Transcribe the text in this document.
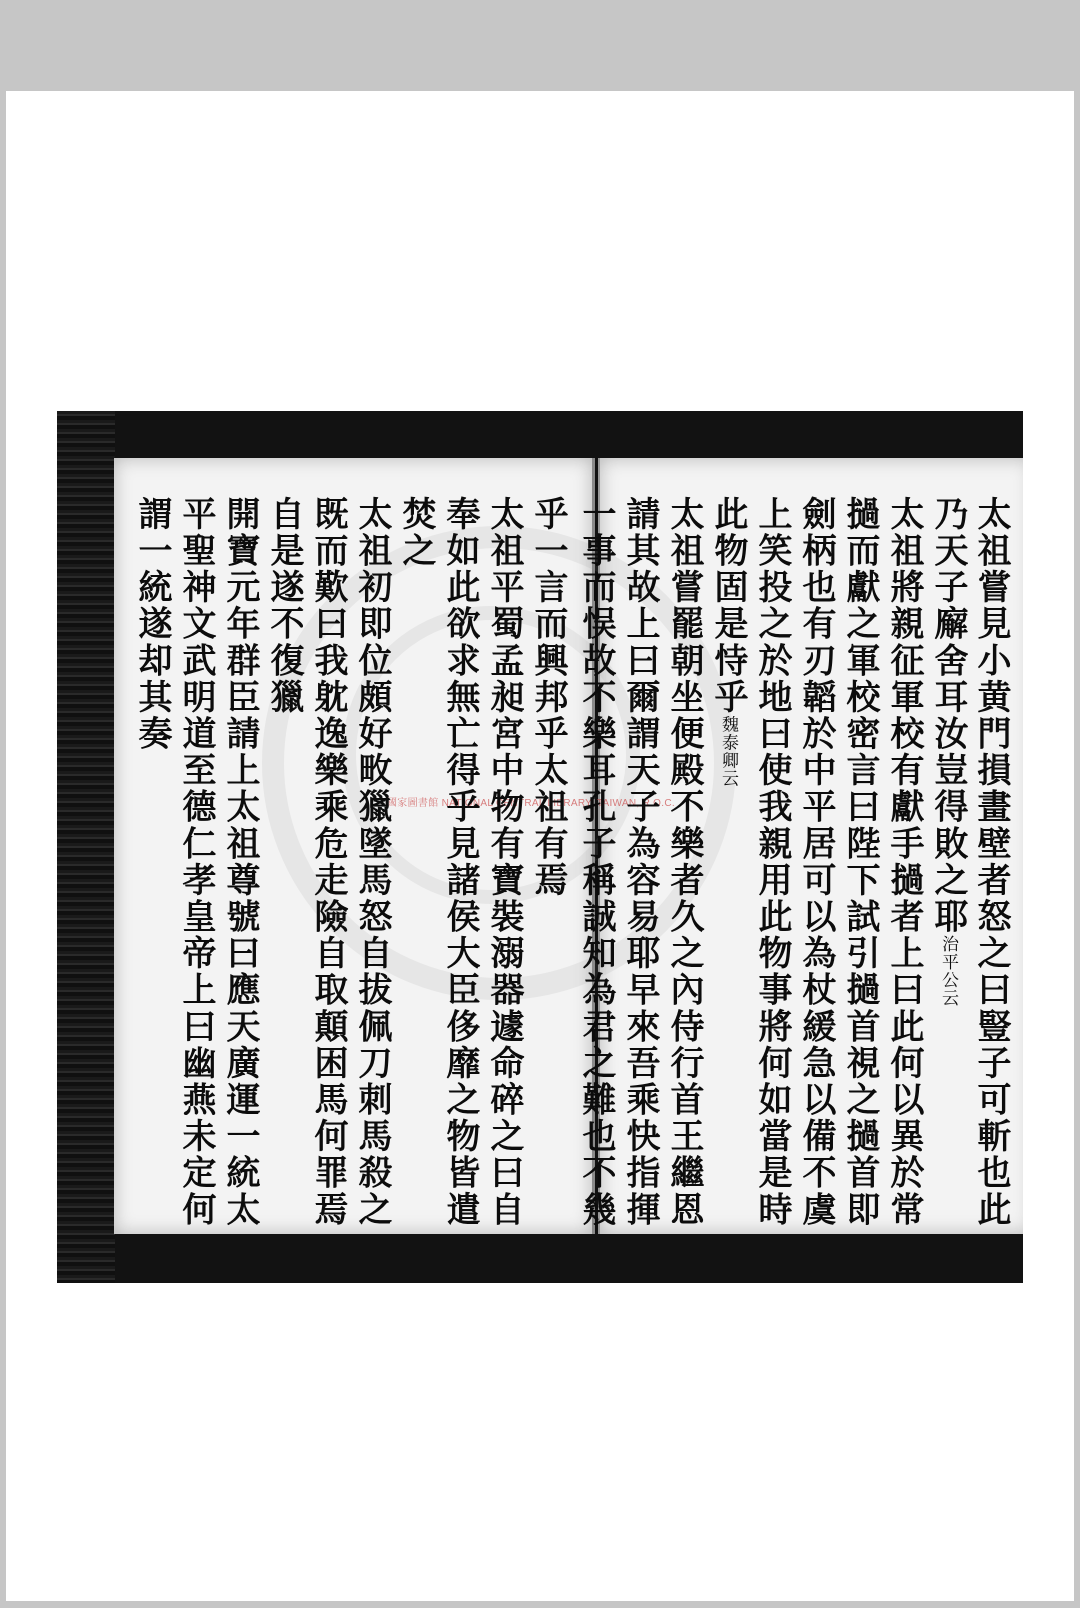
國家圖書館 NATIONAL CENTRAL LIBRARY, TAIWAN, R.O.C.	太祖嘗見小黄門損畫壁者怒之曰豎子可斬也此
乃天子廨舍耳汝豈得敗之耶治平公云
太祖將親征軍校有獻手撾者上曰此何以異於常
撾而獻之軍校密言曰陛下試引撾首視之撾首即
劍柄也有刃韜於中平居可以為杖緩急以備不虞
上笑投之於地曰使我親用此物事將何如當是時
此物固是恃乎魏泰卿云
太祖嘗罷朝坐便殿不樂者久之內侍行首王繼恩
請其故上曰爾謂天子為容易耶早來吾乘快指揮
一事而悮故不樂耳孔子稱誠知為君之難也不幾
乎一言而興邦乎太祖有焉
太祖平蜀孟昶宮中物有寶裝溺器遽命碎之曰自
奉如此欲求無亡得乎見諸侯大臣侈靡之物皆遣
焚之
太祖初即位頗好畋獵墜馬怒自拔佩刀刺馬殺之
既而歎曰我躭逸樂乘危走險自取顛困馬何罪焉
自是遂不復獵
開寶元年群臣請上太祖尊號曰應天廣運一統太
平聖神文武明道至德仁孝皇帝上曰幽燕未定何
謂一統遂却其奏
